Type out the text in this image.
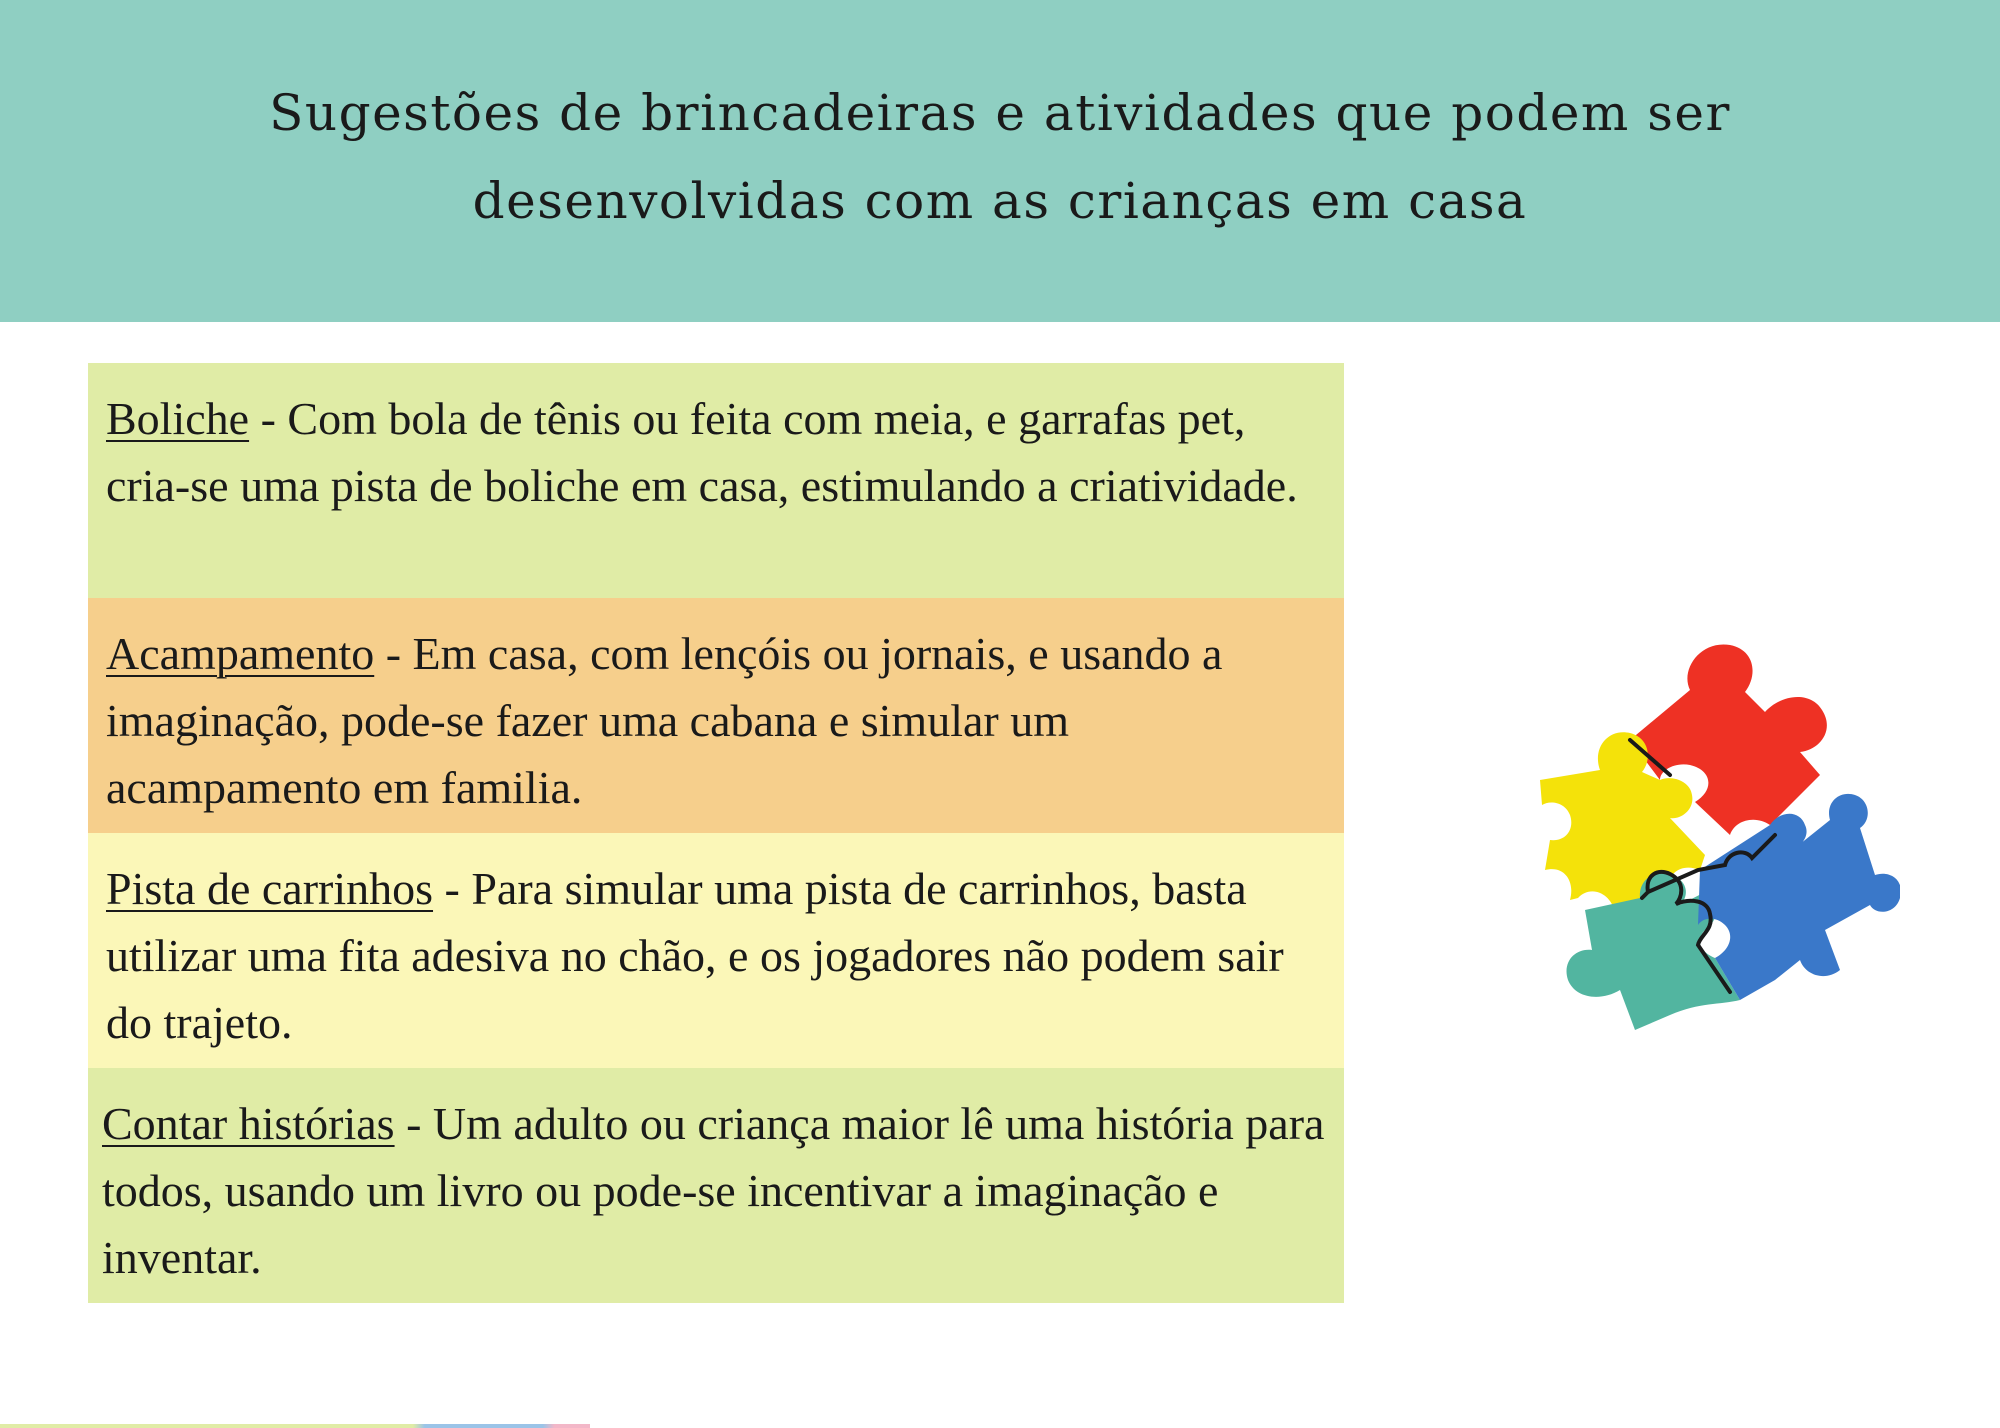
Sugestões de brincadeiras e atividades que podem ser desenvolvidas com as crianças em casa
Boliche - Com bola de tênis ou feita com meia, e garrafas pet, cria-se uma pista de boliche em casa, estimulando a criatividade.
Acampamento - Em casa, com lençóis ou jornais, e usando a imaginação, pode-se fazer uma cabana e simular um acampamento em familia.
Pista de carrinhos - Para simular uma pista de carrinhos, basta utilizar uma fita adesiva no chão, e os jogadores não podem sair do trajeto.
Contar histórias - Um adulto ou criança maior lê uma história para todos, usando um livro ou pode-se incentivar a imaginação e inventar.
